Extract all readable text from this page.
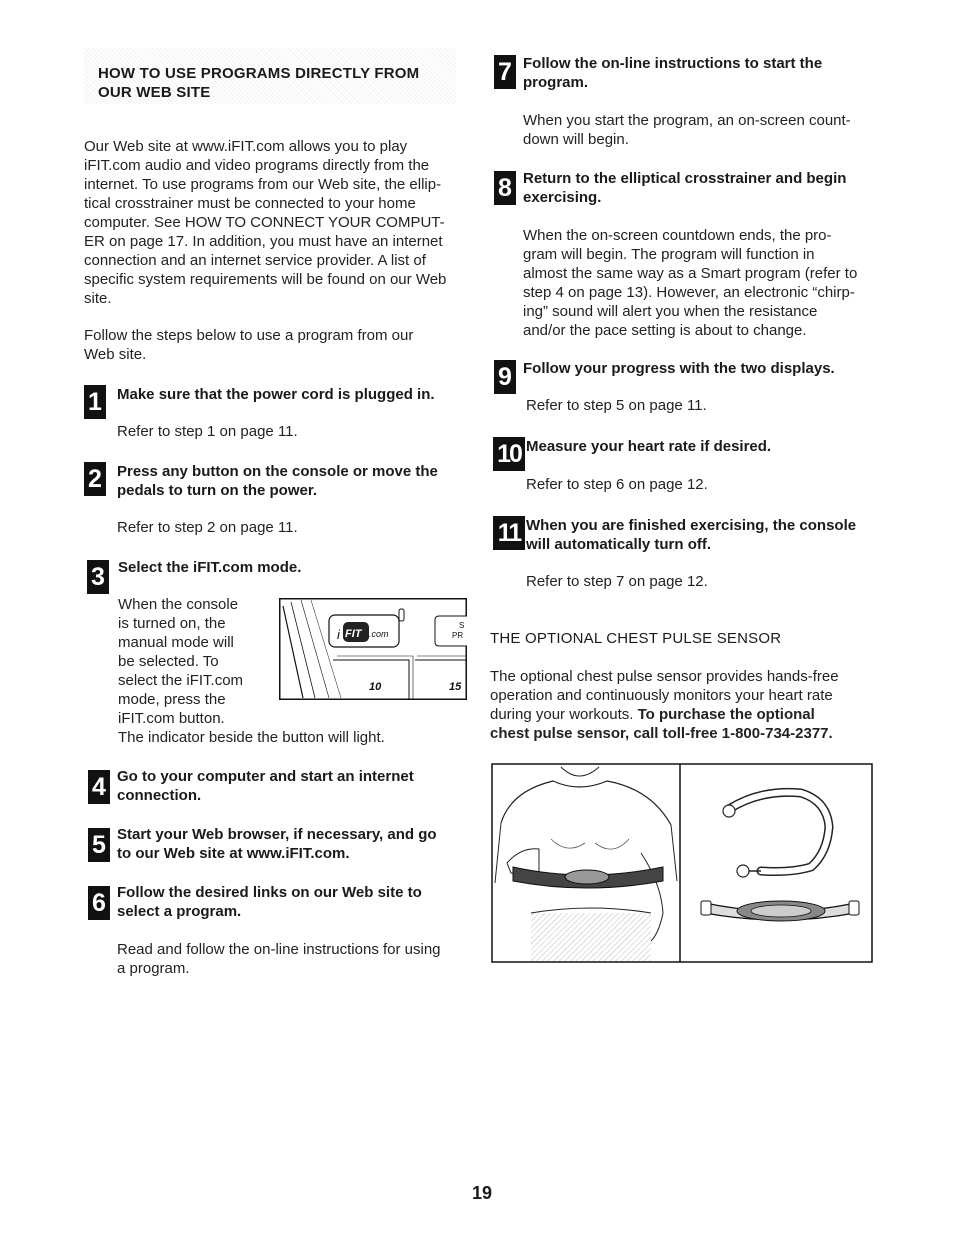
HOW TO USE PROGRAMS DIRECTLY FROM
OUR WEB SITE
Our Web site at www.iFIT.com allows you to play
iFIT.com audio and video programs directly from the
internet. To use programs from our Web site, the ellip-
tical crosstrainer must be connected to your home
computer. See HOW TO CONNECT YOUR COMPUT-
ER on page 17. In addition, you must have an internet
connection and an internet service provider. A list of
specific system requirements will be found on our Web
site.
Follow the steps below to use a program from our
Web site.
1 Make sure that the power cord is plugged in.
Refer to step 1 on page 11.
2 Press any button on the console or move the
pedals to turn on the power.
Refer to step 2 on page 11.
3 Select the iFIT.com mode.
When the console
is turned on, the
manual mode will
be selected. To
select the iFIT.com
mode, press the
iFIT.com button.
The indicator beside the button will light.
i FIT .com
S
PR
10	15
4 Go to your computer and start an internet
connection.
5 Start your Web browser, if necessary, and go
to our Web site at www.iFIT.com.
6 Follow the desired links on our Web site to
select a program.
Read and follow the on-line instructions for using
a program.
7 Follow the on-line instructions to start the
program.
When you start the program, an on-screen count-
down will begin.
8 Return to the elliptical crosstrainer and begin
exercising.
When the on-screen countdown ends, the pro-
gram will begin. The program will function in
almost the same way as a Smart program (refer to
step 4 on page 13). However, an electronic “chirp-
ing” sound will alert you when the resistance
and/or the pace setting is about to change.
9 Follow your progress with the two displays.
Refer to step 5 on page 11.
10 Measure your heart rate if desired.
Refer to step 6 on page 12.
11 When you are finished exercising, the console
will automatically turn off.
Refer to step 7 on page 12.
THE OPTIONAL CHEST PULSE SENSOR
The optional chest pulse sensor provides hands-free
operation and continuously monitors your heart rate
during your workouts. To purchase the optional
chest pulse sensor, call toll-free 1-800-734-2377.
19
